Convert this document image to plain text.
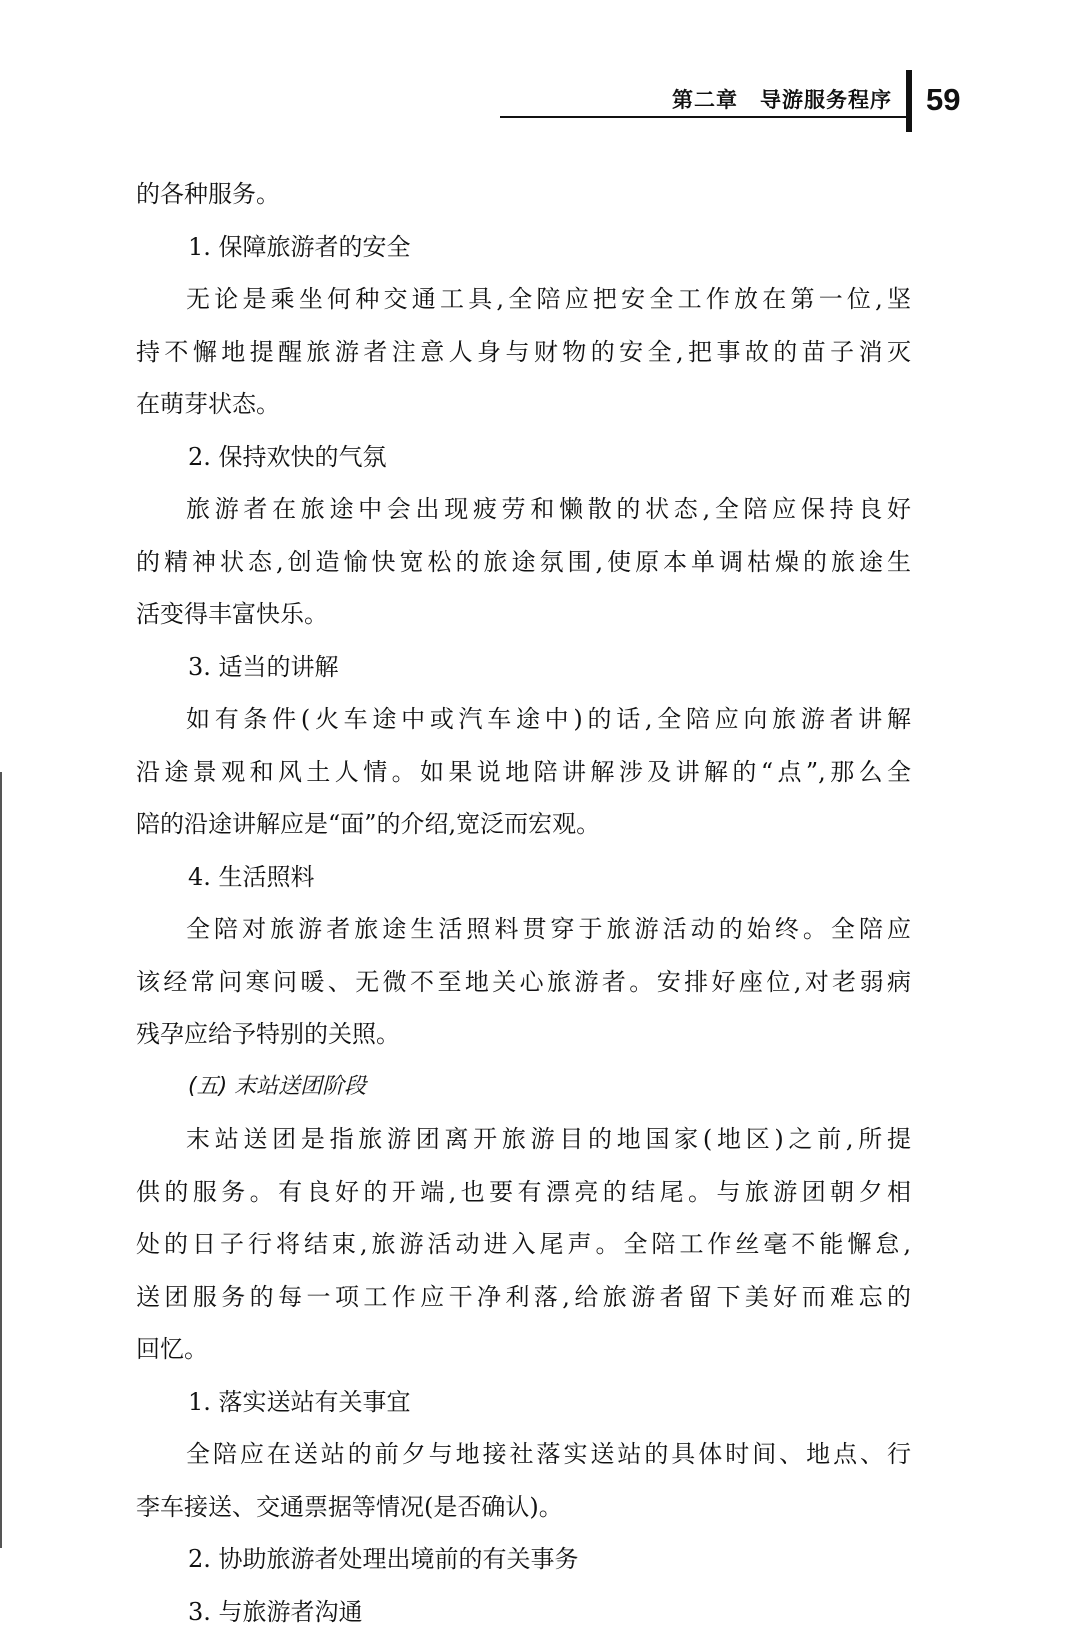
第二章　导游服务程序 59
的各种服务。
1. 保障旅游者的安全
无论是乘坐何种交通工具,全陪应把安全工作放在第一位,坚
持不懈地提醒旅游者注意人身与财物的安全,把事故的苗子消灭
在萌芽状态。
2. 保持欢快的气氛
旅游者在旅途中会出现疲劳和懒散的状态,全陪应保持良好
的精神状态,创造愉快宽松的旅途氛围,使原本单调枯燥的旅途生
活变得丰富快乐。
3. 适当的讲解
如有条件(火车途中或汽车途中)的话,全陪应向旅游者讲解
沿途景观和风土人情。如果说地陪讲解涉及讲解的“点”,那么全
陪的沿途讲解应是“面”的介绍,宽泛而宏观。
4. 生活照料
全陪对旅游者旅途生活照料贯穿于旅游活动的始终。全陪应
该经常问寒问暖、无微不至地关心旅游者。安排好座位,对老弱病
残孕应给予特别的关照。
(五) 末站送团阶段
末站送团是指旅游团离开旅游目的地国家(地区)之前,所提
供的服务。有良好的开端,也要有漂亮的结尾。与旅游团朝夕相
处的日子行将结束,旅游活动进入尾声。全陪工作丝毫不能懈怠,
送团服务的每一项工作应干净利落,给旅游者留下美好而难忘的
回忆。
1. 落实送站有关事宜
全陪应在送站的前夕与地接社落实送站的具体时间、地点、行
李车接送、交通票据等情况(是否确认)。
2. 协助旅游者处理出境前的有关事务
3. 与旅游者沟通
